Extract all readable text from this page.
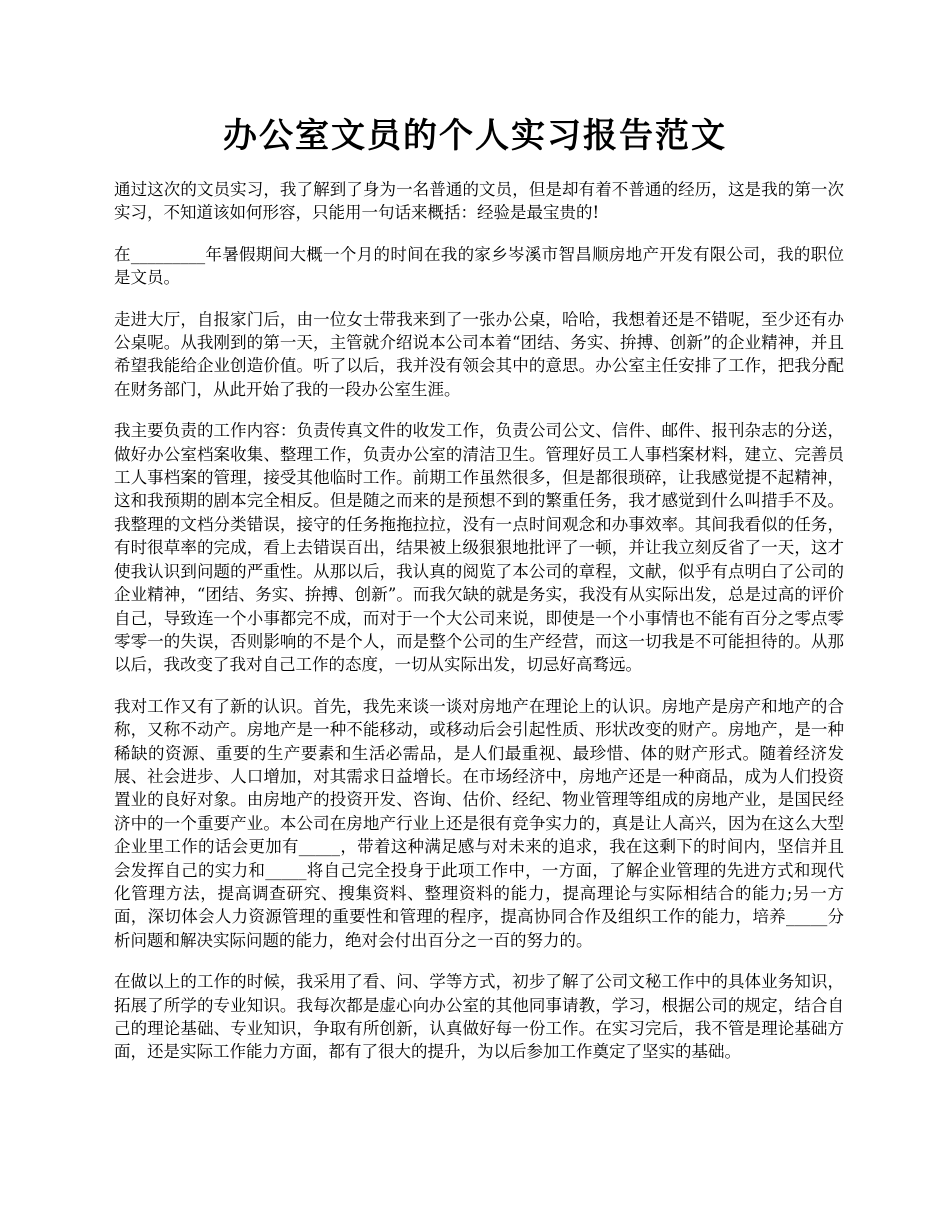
办公室文员的个人实习报告范文

通过这次的文员实习，我了解到了身为一名普通的文员，但是却有着不普通的经历，这是我的第一次实习，不知道该如何形容，只能用一句话来概括：经验是最宝贵的!

在_________年暑假期间大概一个月的时间在我的家乡岑溪市智昌顺房地产开发有限公司，我的职位是文员。

走进大厅，自报家门后，由一位女士带我来到了一张办公桌，哈哈，我想着还是不错呢，至少还有办公桌呢。从我刚到的第一天，主管就介绍说本公司本着“团结、务实、拚搏、创新”的企业精神，并且希望我能给企业创造价值。听了以后，我并没有领会其中的意思。办公室主任安排了工作，把我分配在财务部门，从此开始了我的一段办公室生涯。

我主要负责的工作内容：负责传真文件的收发工作，负责公司公文、信件、邮件、报刊杂志的分送，做好办公室档案收集、整理工作，负责办公室的清洁卫生。管理好员工人事档案材料，建立、完善员工人事档案的管理，接受其他临时工作。前期工作虽然很多，但是都很琐碎，让我感觉提不起精神，这和我预期的剧本完全相反。但是随之而来的是预想不到的繁重任务，我才感觉到什么叫措手不及。我整理的文档分类错误，接守的任务拖拖拉拉，没有一点时间观念和办事效率。其间我看似的任务，有时很草率的完成，看上去错误百出，结果被上级狠狠地批评了一顿，并让我立刻反省了一天，这才使我认识到问题的严重性。从那以后，我认真的阅览了本公司的章程，文献，似乎有点明白了公司的企业精神，“团结、务实、拚搏、创新”。而我欠缺的就是务实，我没有从实际出发，总是过高的评价自己，导致连一个小事都完不成，而对于一个大公司来说，即使是一个小事情也不能有百分之零点零零零一的失误，否则影响的不是个人，而是整个公司的生产经营，而这一切我是不可能担待的。从那以后，我改变了我对自己工作的态度，一切从实际出发，切忌好高骛远。

我对工作又有了新的认识。首先，我先来谈一谈对房地产在理论上的认识。房地产是房产和地产的合称，又称不动产。房地产是一种不能移动，或移动后会引起性质、形状改变的财产。房地产，是一种稀缺的资源、重要的生产要素和生活必需品，是人们最重视、最珍惜、体的财产形式。随着经济发展、社会进步、人口增加，对其需求日益增长。在市场经济中，房地产还是一种商品，成为人们投资置业的良好对象。由房地产的投资开发、咨询、估价、经纪、物业管理等组成的房地产业，是国民经济中的一个重要产业。本公司在房地产行业上还是很有竞争实力的，真是让人高兴，因为在这么大型企业里工作的话会更加有_____，带着这种满足感与对未来的追求，我在这剩下的时间内，坚信并且会发挥自己的实力和_____将自己完全投身于此项工作中，一方面，了解企业管理的先进方式和现代化管理方法，提高调查研究、搜集资料、整理资料的能力，提高理论与实际相结合的能力;另一方面，深切体会人力资源管理的重要性和管理的程序，提高协同合作及组织工作的能力，培养_____分析问题和解决实际问题的能力，绝对会付出百分之一百的努力的。

在做以上的工作的时候，我采用了看、问、学等方式，初步了解了公司文秘工作中的具体业务知识，拓展了所学的专业知识。我每次都是虚心向办公室的其他同事请教，学习，根据公司的规定，结合自己的理论基础、专业知识，争取有所创新，认真做好每一份工作。在实习完后，我不管是理论基础方面，还是实际工作能力方面，都有了很大的提升，为以后参加工作奠定了坚实的基础。
